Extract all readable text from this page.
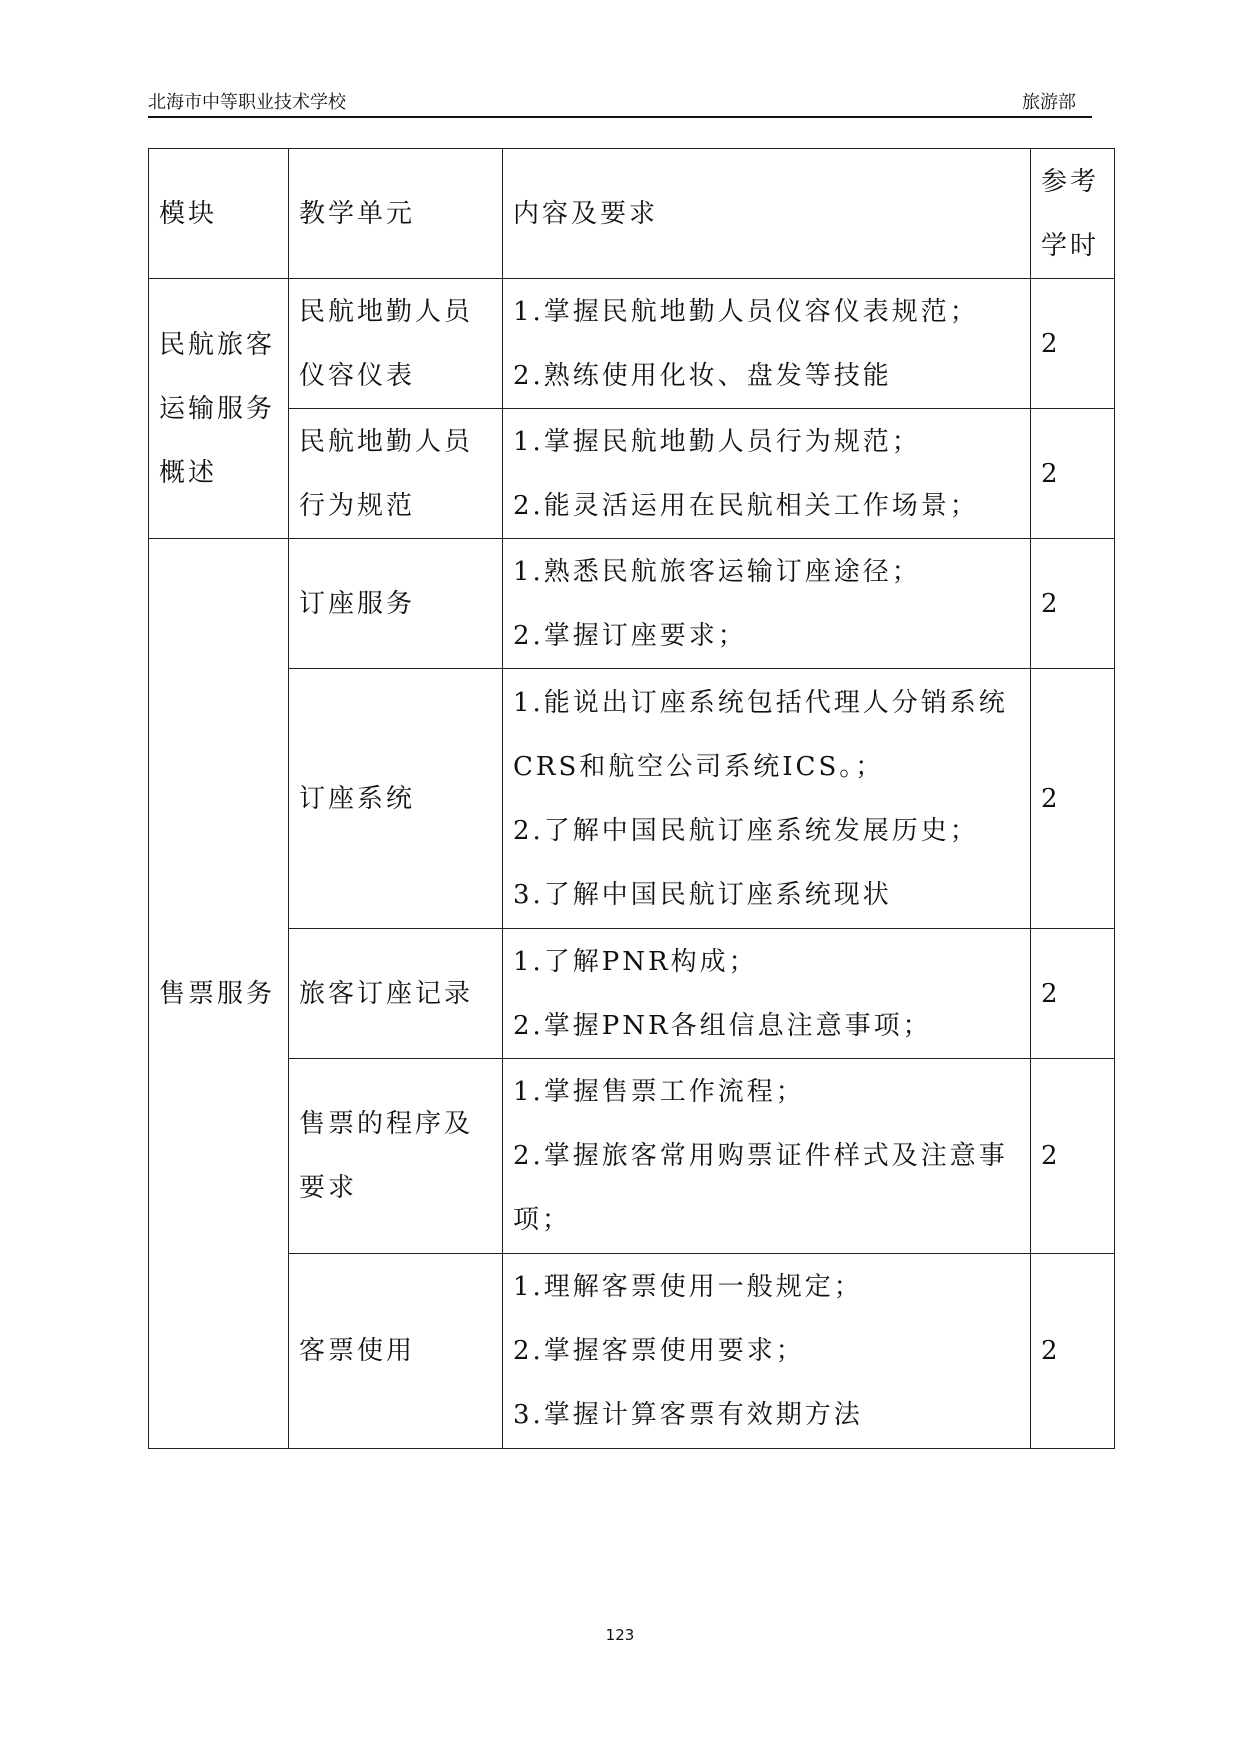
北海市中等职业技术学校	旅游部
模块	教学单元	内容及要求	参考学时
民航旅客运输服务概述	民航地勤人员仪容仪表	1.掌握民航地勤人员仪容仪表规范；

2.熟练使用化妆、盘发等技能	2
	民航地勤人员行为规范	1.掌握民航地勤人员行为规范；

2.能灵活运用在民航相关工作场景；	2
售票服务	订座服务	1.熟悉民航旅客运输订座途径；

2.掌握订座要求；	2
	订座系统	1.能说出订座系统包括代理人分销系统CRS和航空公司系统ICS。；

2.了解中国民航订座系统发展历史；

3.了解中国民航订座系统现状	2
	旅客订座记录	1.了解PNR构成；

2.掌握PNR各组信息注意事项；	2
	售票的程序及要求	1.掌握售票工作流程；

2.掌握旅客常用购票证件样式及注意事项；	2
	客票使用	1.理解客票使用一般规定；

2.掌握客票使用要求；

3.掌握计算客票有效期方法	2
123
